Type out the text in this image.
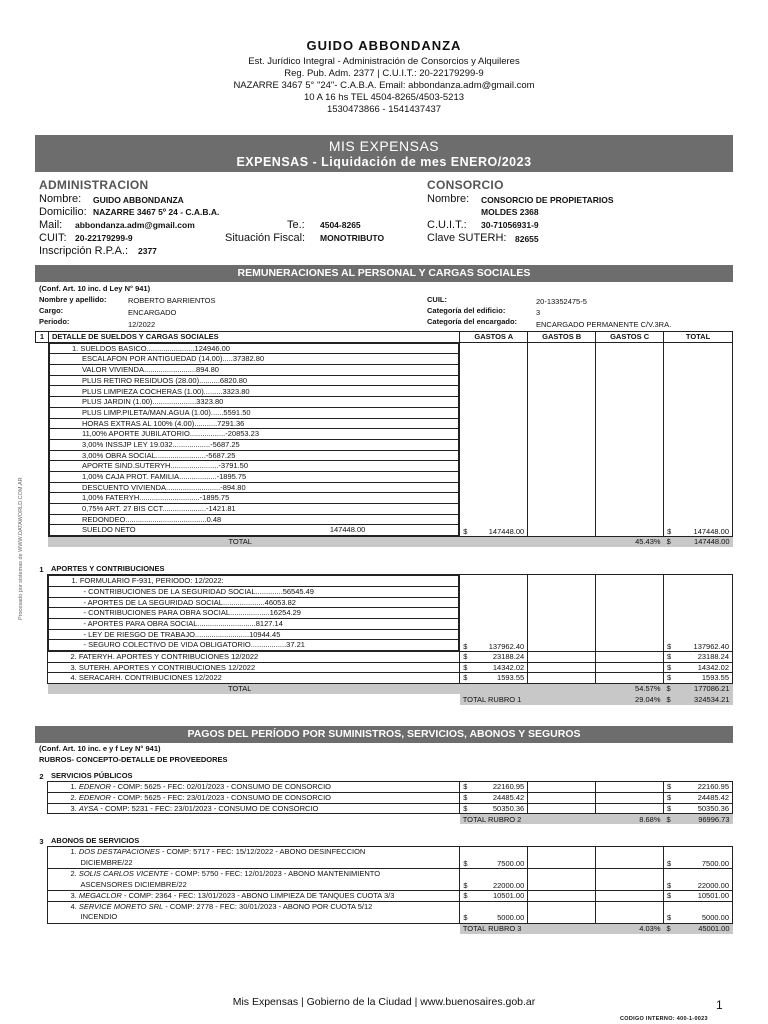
GUIDO ABBONDANZA
Est. Jurídico Integral - Administración de Consorcios y Alquileres
Reg. Pub. Adm. 2377 | C.U.I.T.: 20-22179299-9
NAZARRE 3467 5° "24"- C.A.B.A. Email: abbondanza.adm@gmail.com
10 A 16 hs TEL 4504-8265/4503-5213
1530473866 - 1541437437
MIS EXPENSAS
EXPENSAS - Liquidación de mes ENERO/2023
ADMINISTRACION
Nombre: GUIDO ABBONDANZA
Domicilio: NAZARRE 3467 5º 24 - C.A.B.A.
Mail: abbondanza.adm@gmail.com	Te.: 4504-8265
CUIT: 20-22179299-9	Situación Fiscal: MONOTRIBUTO
Inscripción R.P.A.: 2377
CONSORCIO
Nombre: CONSORCIO DE PROPIETARIOS
MOLDES 2368
C.U.I.T.: 30-71056931-9
Clave SUTERH: 82655
REMUNERACIONES AL PERSONAL Y CARGAS SOCIALES
(Conf. Art. 10 inc. d Ley N° 941)
Nombre y apellido:	ROBERTO BARRIENTOS
Cargo:	ENCARGADO
Periodo:	12/2022
CUIL:	20-13352475-5
Categoría del edificio:	3
Categoría del encargado:	ENCARGADO PERMANENTE C/V.3RA.
1	DETALLE DE SUELDOS Y CARGAS SOCIALES	GASTOS A	GASTOS B	GASTOS C	TOTAL

1. SUELDOS BASICO.......................124946.00
ESCALAFON POR ANTIGUEDAD (14.00).....37382.80
VALOR VIVIENDA.........................894.80
PLUS RETIRO RESIDUOS (28.00)..........6820.80
PLUS LIMPIEZA COCHERAS (1.00).........3323.80
PLUS JARDIN (1.00).....................3323.80
PLUS LIMP.PILETA/MAN.AGUA (1.00)......5591.50
HORAS EXTRAS AL 100% (4.00)...........7291.36
11,00% APORTE JUBILATORIO.................-20853.23
3,00% INSSJP LEY 19.032..................-5687.25
3,00% OBRA SOCIAL........................-5687.25
APORTE SIND.SUTERYH.......................-3791.50
1,00% CAJA PROT. FAMILIA..................-1895.75
DESCUENTO VIVIENDA..........................-894.80
1,00% FATERYH.............................-1895.75
0,75% ART. 27 BIS CCT.....................-1421.81
REDONDEO.......................................0.48
SUELDO NETO	147448.00
		$	147448.00			$	147448.00

	TOTAL			45.43%	$	147448.00
1	APORTES Y CONTRIBUCIONES				

1. FORMULARIO F-931, PERIODO: 12/2022:
- CONTRIBUCIONES DE LA SEGURIDAD SOCIAL.............56545.49
- APORTES DE LA SEGURIDAD SOCIAL....................46053.82
- CONTRIBUCIONES PARA OBRA SOCIAL...................16254.29
- APORTES PARA OBRA SOCIAL............................8127.14
- LEY DE RIESGO DE TRABAJO..........................10944.45
- SEGURO COLECTIVO DE VIDA OBLIGATORIO.................37.21
		$	137962.40			$	137962.40

	2. FATERYH. APORTES Y CONTRIBUCIONES 12/2022	$	23188.24			$	23188.24

	3. SUTERH. APORTES Y CONTRIBUCIONES 12/2022	$	14342.02			$	14342.02

	4. SERACARH. CONTRIBUCIONES 12/2022	$	1593.55			$	1593.55

	TOTAL			54.57%	$	177086.21

		TOTAL RUBRO 1	29.04%	$	324534.21
PAGOS DEL PERÍODO POR SUMINISTROS, SERVICIOS, ABONOS Y SEGUROS
(Conf. Art. 10 inc. e y f Ley N° 941)
RUBROS- CONCEPTO-DETALLE DE PROVEEDORES
2	SERVICIOS PÚBLICOS				
	1. EDENOR - COMP: 5625 - FEC: 02/01/2023 - CONSUMO DE CONSORCIO	$ 22160.95			$ 22160.95

	2. EDENOR - COMP: 5625 - FEC: 23/01/2023 - CONSUMO DE CONSORCIO	$ 24485.42			$ 24485.42

	3. AYSA - COMP: 5231 - FEC: 23/01/2023 - CONSUMO DE CONSORCIO	$ 50350.36			$ 50350.36

		TOTAL RUBRO 2		8.68%	$ 96996.73
3	ABONOS DE SERVICIOS				
	1. DOS DESTAPACIONES - COMP: 5717 - FEC: 15/12/2022 - ABONO DESINFECCION
DICIEMBRE/22	$ 7500.00			$ 7500.00

	2. SOLIS CARLOS VICENTE - COMP: 5750 - FEC: 12/01/2023 - ABONO MANTENIMIENTO
ASCENSORES DICIEMBRE/22	$ 22000.00			$ 22000.00

	3. MEGACLOR - COMP: 2364 - FEC: 13/01/2023 - ABONO LIMPIEZA DE TANQUES CUOTA 3/3	$ 10501.00			$ 10501.00

	4. SERVICE MORETO SRL - COMP: 2778 - FEC: 30/01/2023 - ABONO POR CUOTA 5/12
INCENDIO	$ 5000.00			$ 5000.00

		TOTAL RUBRO 3		4.03%	$ 45001.00
Procesado por sistemas de WWW.DATAWORLD.COM.AR
Mis Expensas | Gobierno de la Ciudad | www.buenosaires.gob.ar	1
CODIGO INTERNO: 400-1-0023
